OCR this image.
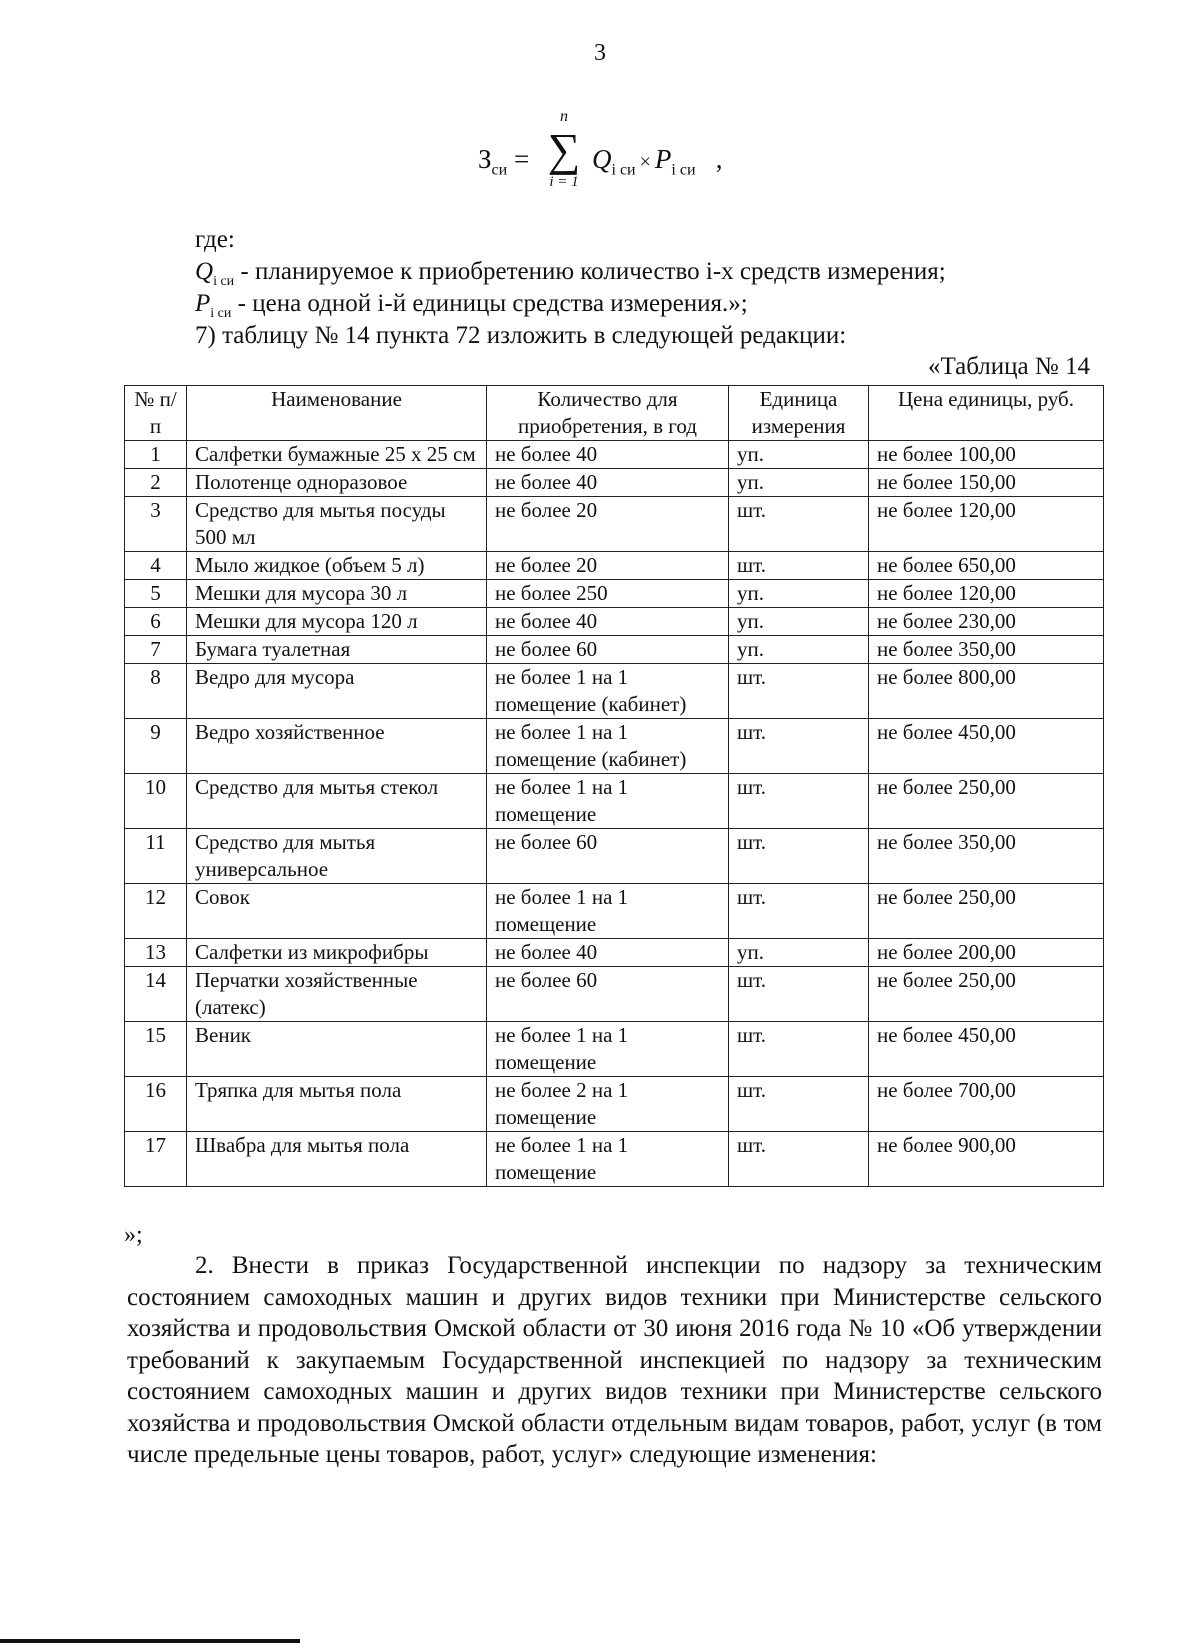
3
$З_{си}$ =
n
∑
i = 1
$Q_{i си} \times P_{i си}$ ,
где:
$Q_{i си}$ - планируемое к приобретению количество i-х средств измерения;
$P_{i си}$ - цена одной i-й единицы средства измерения.»;
7) таблицу № 14 пункта 72 изложить в следующей редакции:
«Таблица № 14
№ п/п	Наименование	Количество для приобретения, в год	Единица измерения	Цена единицы, руб.
1	Салфетки бумажные 25 х 25 см	не более 40	уп.	не более 100,00
2	Полотенце одноразовое	не более 40	уп.	не более 150,00
3	Средство для мытья посуды 500 мл	не более 20	шт.	не более 120,00
4	Мыло жидкое (объем 5 л)	не более 20	шт.	не более 650,00
5	Мешки для мусора 30 л	не более 250	уп.	не более 120,00
6	Мешки для мусора 120 л	не более 40	уп.	не более 230,00
7	Бумага туалетная	не более 60	уп.	не более 350,00
8	Ведро для мусора	не более 1 на 1 помещение (кабинет)	шт.	не более 800,00
9	Ведро хозяйственное	не более 1 на 1 помещение (кабинет)	шт.	не более 450,00
10	Средство для мытья стекол	не более 1 на 1 помещение	шт.	не более 250,00
11	Средство для мытья универсальное	не более 60	шт.	не более 350,00
12	Совок	не более 1 на 1 помещение	шт.	не более 250,00
13	Салфетки из микрофибры	не более 40	уп.	не более 200,00
14	Перчатки хозяйственные (латекс)	не более 60	шт.	не более 250,00
15	Веник	не более 1 на 1 помещение	шт.	не более 450,00
16	Тряпка для мытья пола	не более 2 на 1 помещение	шт.	не более 700,00
17	Швабра для мытья пола	не более 1 на 1 помещение	шт.	не более 900,00
»;
2. Внести в приказ Государственной инспекции по надзору за техническим состоянием самоходных машин и других видов техники при Министерстве сельского хозяйства и продовольствия Омской области от 30 июня 2016 года № 10 «Об утверждении требований к закупаемым Государственной инспекцией по надзору за техническим состоянием самоходных машин и других видов техники при Министерстве сельского хозяйства и продовольствия Омской области отдельным видам товаров, работ, услуг (в том числе предельные цены товаров, работ, услуг» следующие изменения:
